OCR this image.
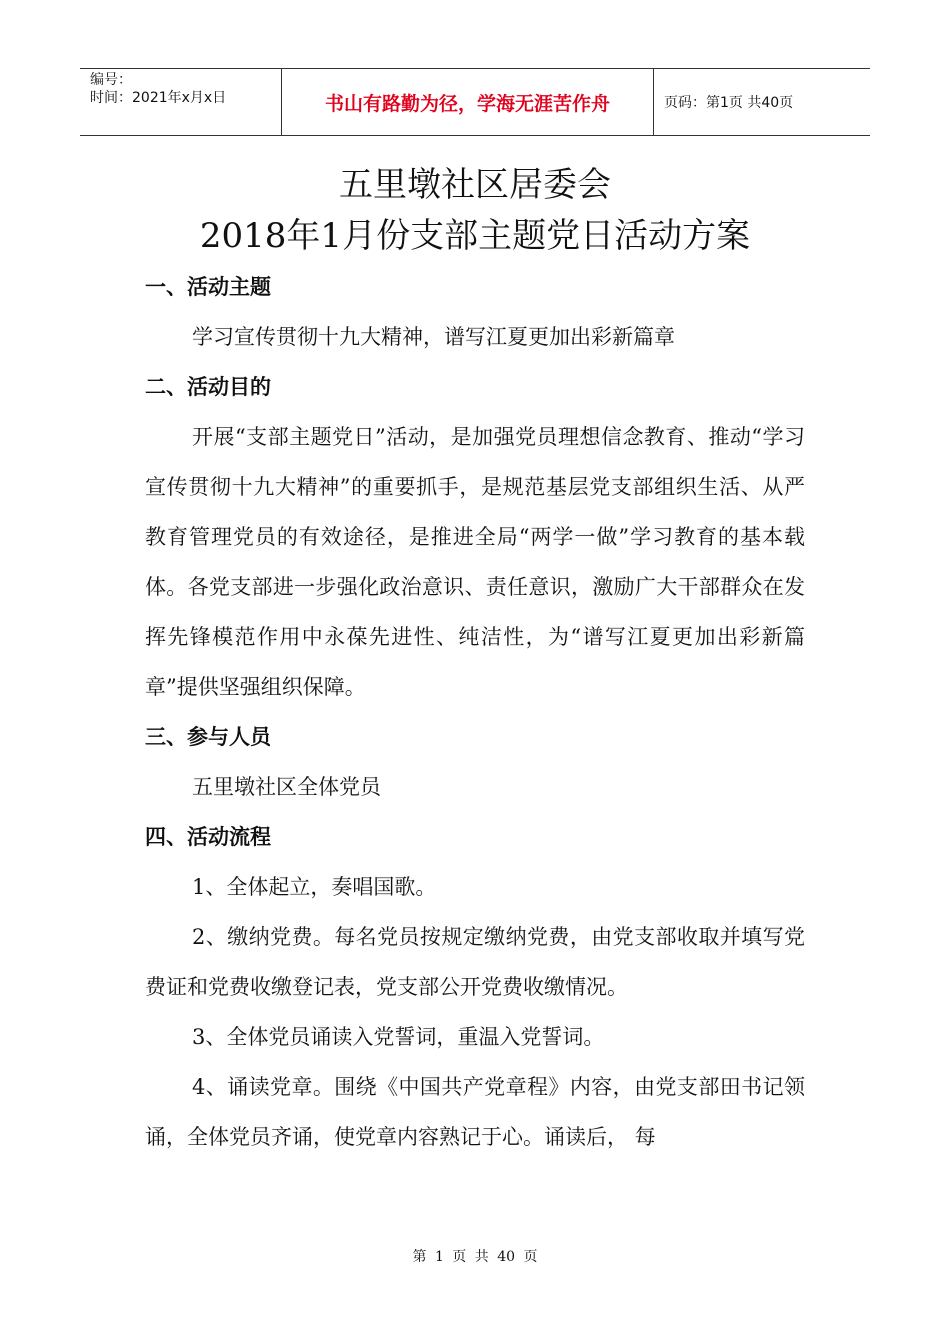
编号：
时间：2021年x月x日	书山有路勤为径，学海无涯苦作舟	页码：第1页 共40页
五里墩社区居委会
2018年1月份支部主题党日活动方案

一、活动主题

学习宣传贯彻十九大精神，谱写江夏更加出彩新篇章

二、活动目的

开展“支部主题党日”活动，是加强党员理想信念教育、推动“学习宣传贯彻十九大精神”的重要抓手，是规范基层党支部组织生活、从严教育管理党员的有效途径，是推进全局“两学一做”学习教育的基本载体。各党支部进一步强化政治意识、责任意识，激励广大干部群众在发挥先锋模范作用中永葆先进性、纯洁性，为“谱写江夏更加出彩新篇章”提供坚强组织保障。

三、参与人员

五里墩社区全体党员

四、活动流程

1、全体起立，奏唱国歌。

2、缴纳党费。每名党员按规定缴纳党费，由党支部收取并填写党费证和党费收缴登记表，党支部公开党费收缴情况。

3、全体党员诵读入党誓词，重温入党誓词。

4、诵读党章。围绕《中国共产党章程》内容，由党支部田书记领诵，全体党员齐诵，使党章内容熟记于心。诵读后， 每

第 1 页 共 40 页
